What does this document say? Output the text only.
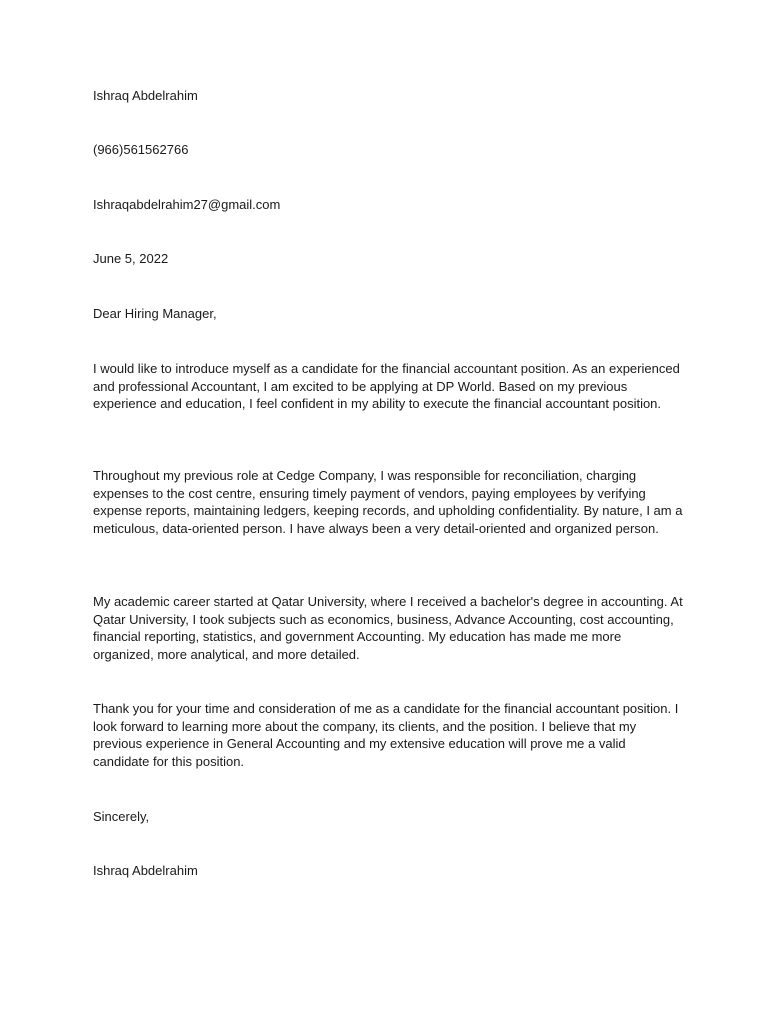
Ishraq Abdelrahim

(966)561562766

Ishraqabdelrahim27@gmail.com

June 5, 2022

Dear Hiring Manager,

I would like to introduce myself as a candidate for the financial accountant position. As an experienced and professional Accountant, I am excited to be applying at DP World. Based on my previous experience and education, I feel confident in my ability to execute the financial accountant position.

Throughout my previous role at Cedge Company, I was responsible for reconciliation, charging expenses to the cost centre, ensuring timely payment of vendors, paying employees by verifying expense reports, maintaining ledgers, keeping records, and upholding confidentiality. By nature, I am a meticulous, data-oriented person. I have always been a very detail-oriented and organized person.

My academic career started at Qatar University, where I received a bachelor's degree in accounting. At Qatar University, I took subjects such as economics, business, Advance Accounting, cost accounting, financial reporting, statistics, and government Accounting. My education has made me more organized, more analytical, and more detailed.

Thank you for your time and consideration of me as a candidate for the financial accountant position. I look forward to learning more about the company, its clients, and the position. I believe that my previous experience in General Accounting and my extensive education will prove me a valid candidate for this position.

Sincerely,

Ishraq Abdelrahim
